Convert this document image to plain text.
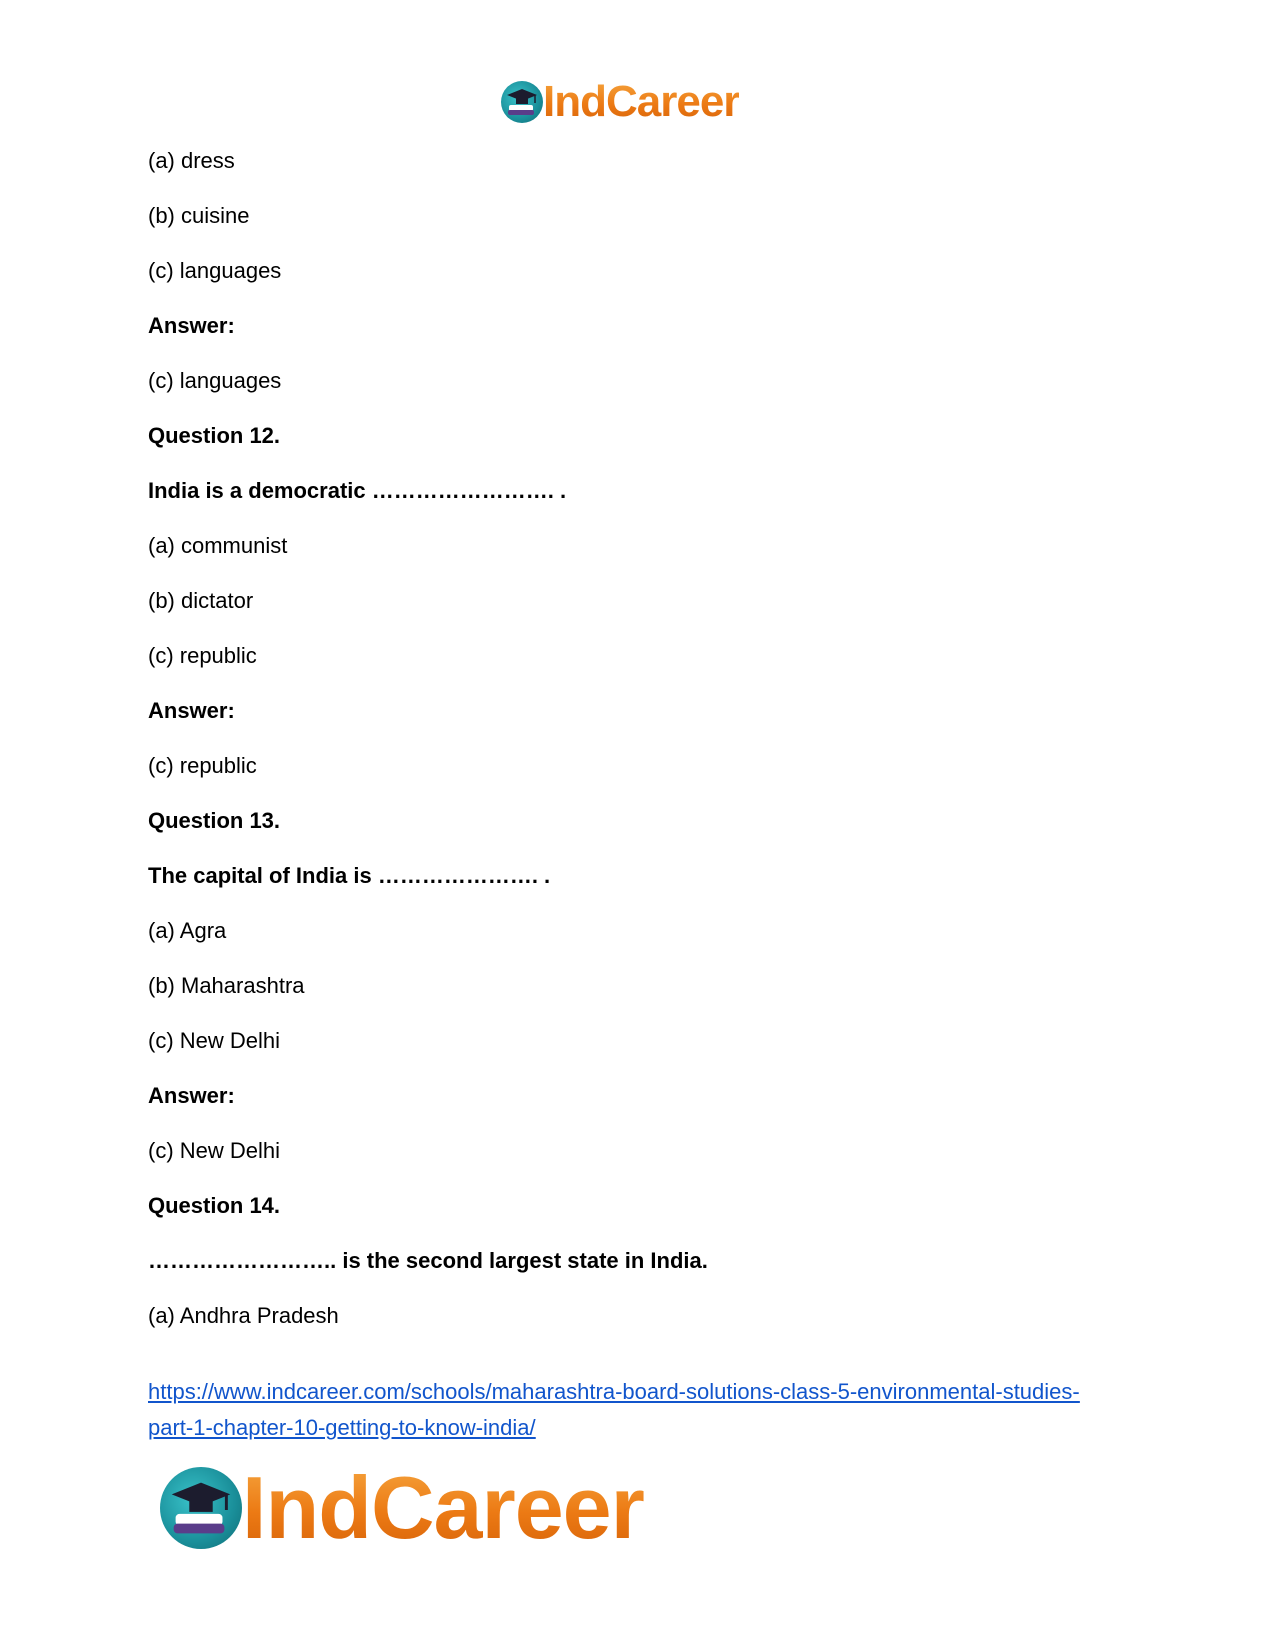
IndCareer
(a) dress
(b) cuisine
(c) languages
Answer:
(c) languages
Question 12.
India is a democratic ……………………. .
(a) communist
(b) dictator
(c) republic
Answer:
(c) republic
Question 13.
The capital of India is …………………. .
(a) Agra
(b) Maharashtra
(c) New Delhi
Answer:
(c) New Delhi
Question 14.
…………………….. is the second largest state in India.
(a) Andhra Pradesh
https://www.indcareer.com/schools/maharashtra-board-solutions-class-5-environmental-studies-
part-1-chapter-10-getting-to-know-india/
IndCareer
